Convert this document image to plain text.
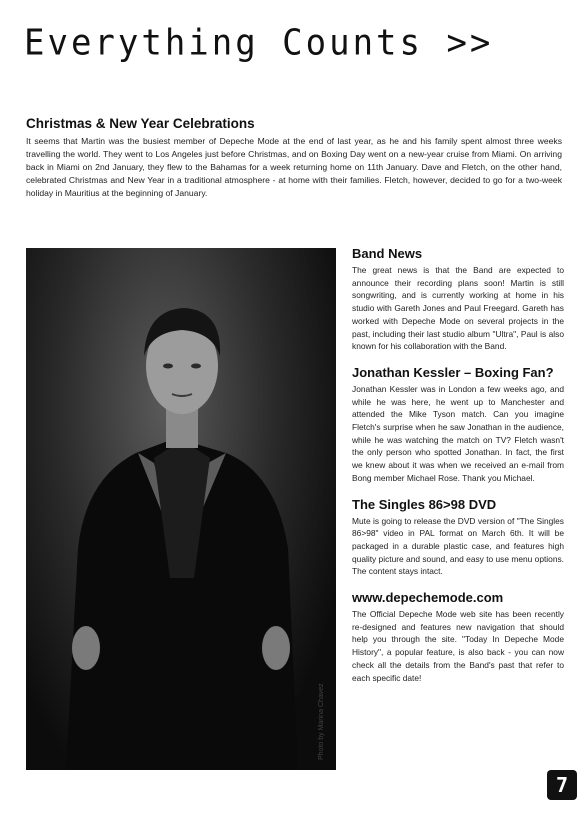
Everything Counts >>
Christmas & New Year Celebrations

It seems that Martin was the busiest member of Depeche Mode at the end of last year, as he and his family spent almost three weeks travelling the world. They went to Los Angeles just before Christmas, and on Boxing Day went on a new-year cruise from Miami. On arriving back in Miami on 2nd January, they flew to the Bahamas for a week returning home on 11th January. Dave and Fletch, on the other hand, celebrated Christmas and New Year in a traditional atmosphere - at home with their families. Fletch, however, decided to go for a two-week holiday in Mauritius at the beginning of January.

Photo by Marina Chavez
Band News

The great news is that the Band are expected to announce their recording plans soon! Martin is still songwriting, and is currently working at home in his studio with Gareth Jones and Paul Freegard. Gareth has worked with Depeche Mode on several projects in the past, including their last studio album "Ultra", Paul is also known for his collaboration with the Band.

Jonathan Kessler – Boxing Fan?

Jonathan Kessler was in London a few weeks ago, and while he was here, he went up to Manchester and attended the Mike Tyson match. Can you imagine Fletch's surprise when he saw Jonathan in the audience, while he was watching the match on TV? Fletch wasn't the only person who spotted Jonathan. In fact, the first we knew about it was when we received an e-mail from Bong member Michael Rose. Thank you Michael.

The Singles 86>98 DVD

Mute is going to release the DVD version of "The Singles 86>98" video in PAL format on March 6th. It will be packaged in a durable plastic case, and features high quality picture and sound, and easy to use menu options. The content stays intact.

www.depechemode.com

The Official Depeche Mode web site has been recently re-designed and features new navigation that should help you through the site. "Today In Depeche Mode History", a popular feature, is also back - you can now check all the details from the Band's past that refer to each specific date!

7
